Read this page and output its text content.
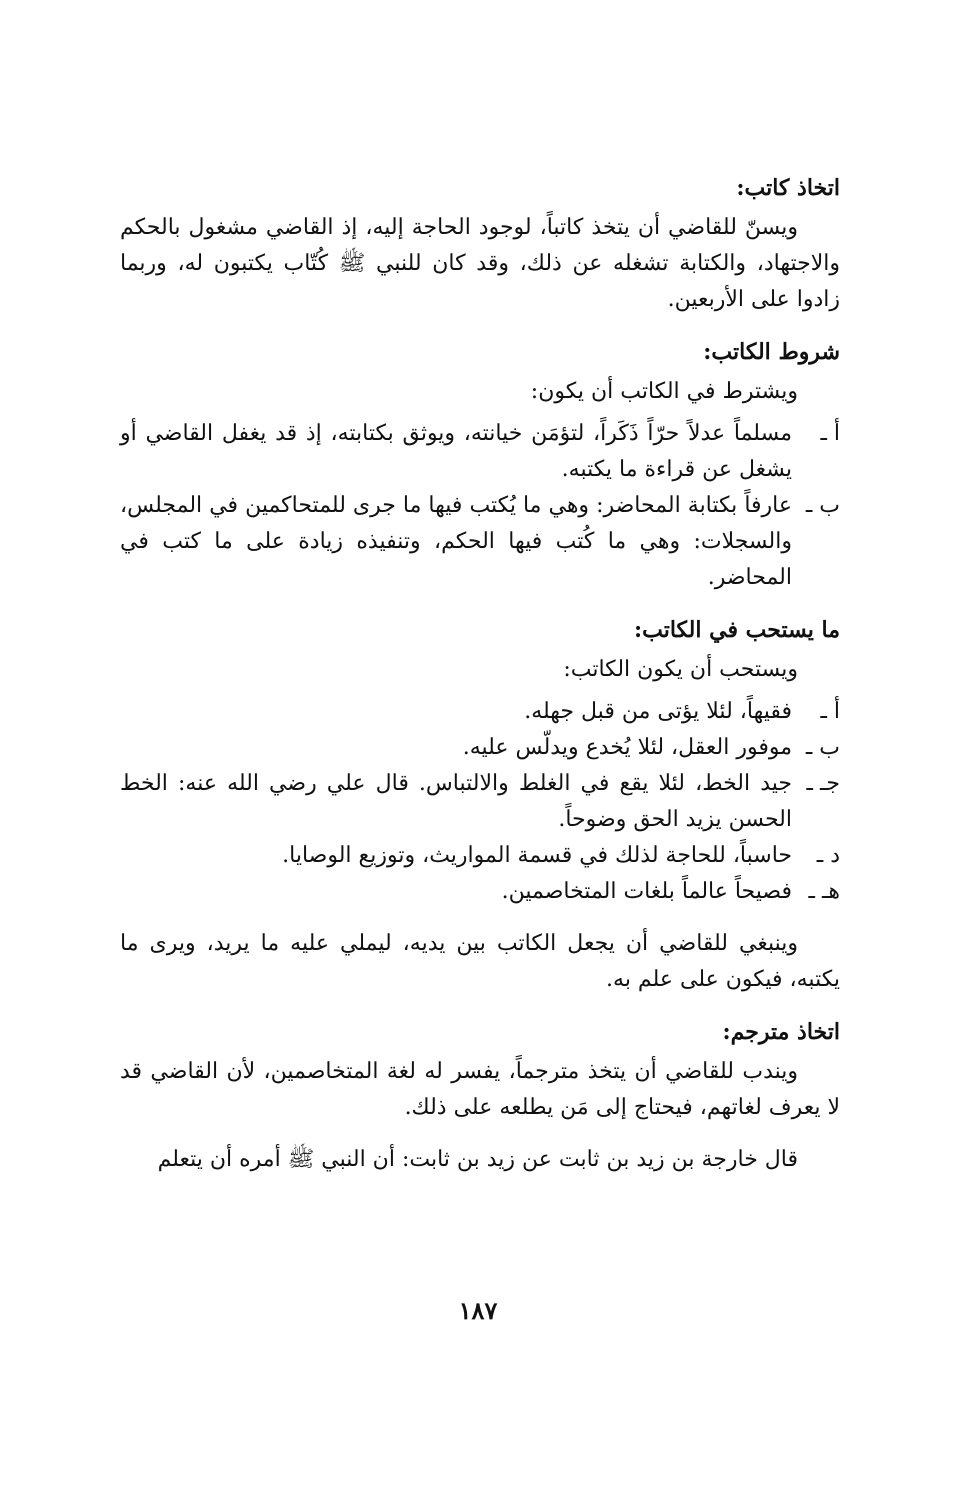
اتخاذ كاتب:

ويسنّ للقاضي أن يتخذ كاتباً، لوجود الحاجة إليه، إذ القاضي مشغول بالحكم والاجتهاد، والكتابة تشغله عن ذلك، وقد كان للنبي ﷺ كُتّاب يكتبون له، وربما زادوا على الأربعين.

شروط الكاتب:

ويشترط في الكاتب أن يكون:

أ ـ
مسلماً عدلاً حرّاً ذَكَراً، لتؤمَن خيانته، ويوثق بكتابته، إذ قد يغفل القاضي أو يشغل عن قراءة ما يكتبه.
ب ـ
عارفاً بكتابة المحاضر: وهي ما يُكتب فيها ما جرى للمتحاكمين في المجلس، والسجلات: وهي ما كُتب فيها الحكم، وتنفيذه زيادة على ما كتب في المحاضر.
ما يستحب في الكاتب:

ويستحب أن يكون الكاتب:

أ ـ
فقيهاً، لئلا يؤتى من قبل جهله.
ب ـ
موفور العقل، لئلا يُخدع ويدلّس عليه.
جـ ـ
جيد الخط، لئلا يقع في الغلط والالتباس. قال علي رضي الله عنه: الخط الحسن يزيد الحق وضوحاً.
د ـ
حاسباً، للحاجة لذلك في قسمة المواريث، وتوزيع الوصايا.
هـ ـ
فصيحاً عالماً بلغات المتخاصمين.

وينبغي للقاضي أن يجعل الكاتب بين يديه، ليملي عليه ما يريد، ويرى ما يكتبه، فيكون على علم به.

اتخاذ مترجم:

ويندب للقاضي أن يتخذ مترجماً، يفسر له لغة المتخاصمين، لأن القاضي قد لا يعرف لغاتهم، فيحتاج إلى مَن يطلعه على ذلك.

قال خارجة بن زيد بن ثابت عن زيد بن ثابت: أن النبي ﷺ أمره أن يتعلم

١٨٧
